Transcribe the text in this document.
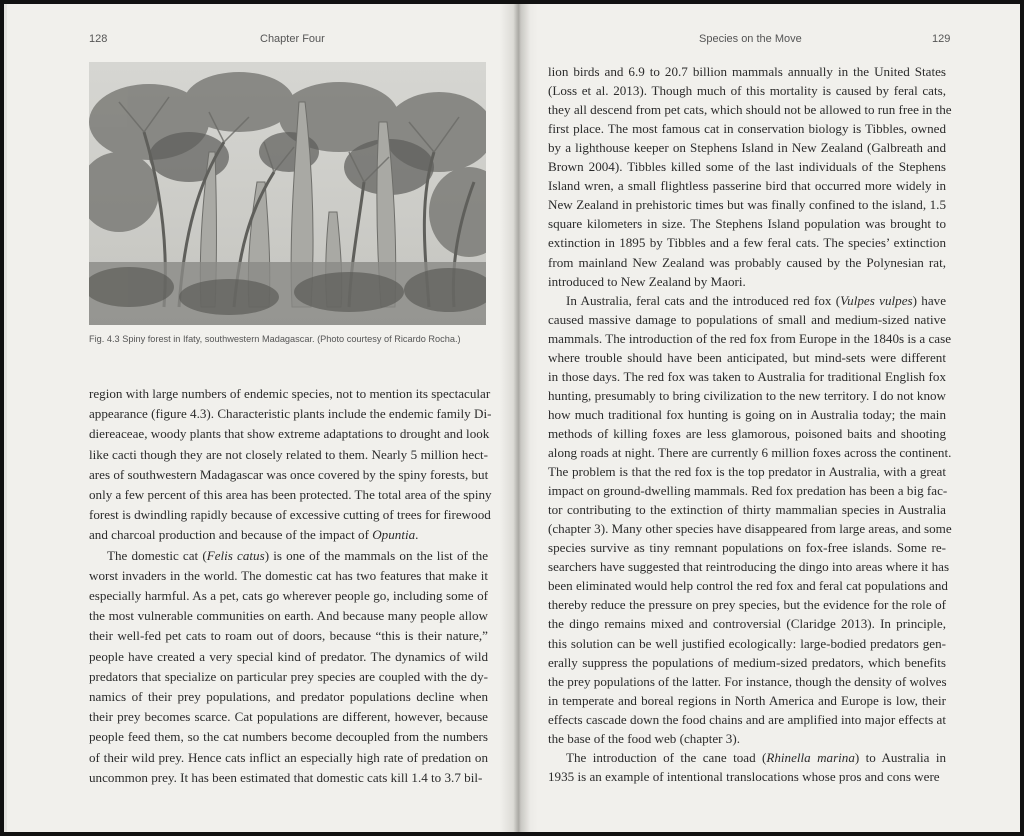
128	Chapter Four
Fig. 4.3 Spiny forest in Ifaty, southwestern Madagascar. (Photo courtesy of Ricardo Rocha.)
region with large numbers of endemic species, not to mention its spectacular
appearance (figure 4.3). Characteristic plants include the endemic family Di-
diereaceae, woody plants that show extreme adaptations to drought and look
like cacti though they are not closely related to them. Nearly 5 million hect-
ares of southwestern Madagascar was once covered by the spiny forests, but
only a few percent of this area has been protected. The total area of the spiny
forest is dwindling rapidly because of excessive cutting of trees for firewood
and charcoal production and because of the impact of Opuntia.
The domestic cat (Felis catus) is one of the mammals on the list of the
worst invaders in the world. The domestic cat has two features that make it
especially harmful. As a pet, cats go wherever people go, including some of
the most vulnerable communities on earth. And because many people allow
their well-fed pet cats to roam out of doors, because “this is their nature,”
people have created a very special kind of predator. The dynamics of wild
predators that specialize on particular prey species are coupled with the dy-
namics of their prey populations, and predator populations decline when
their prey becomes scarce. Cat populations are different, however, because
people feed them, so the cat numbers become decoupled from the numbers
of their wild prey. Hence cats inflict an especially high rate of predation on
uncommon prey. It has been estimated that domestic cats kill 1.4 to 3.7 bil-
Species on the Move	129
lion birds and 6.9 to 20.7 billion mammals annually in the United States
(Loss et al. 2013). Though much of this mortality is caused by feral cats,
they all descend from pet cats, which should not be allowed to run free in the
first place. The most famous cat in conservation biology is Tibbles, owned
by a lighthouse keeper on Stephens Island in New Zealand (Galbreath and
Brown 2004). Tibbles killed some of the last individuals of the Stephens
Island wren, a small flightless passerine bird that occurred more widely in
New Zealand in prehistoric times but was finally confined to the island, 1.5
square kilometers in size. The Stephens Island population was brought to
extinction in 1895 by Tibbles and a few feral cats. The species’ extinction
from mainland New Zealand was probably caused by the Polynesian rat,
introduced to New Zealand by Maori.
In Australia, feral cats and the introduced red fox (Vulpes vulpes) have
caused massive damage to populations of small and medium-sized native
mammals. The introduction of the red fox from Europe in the 1840s is a case
where trouble should have been anticipated, but mind-sets were different
in those days. The red fox was taken to Australia for traditional English fox
hunting, presumably to bring civilization to the new territory. I do not know
how much traditional fox hunting is going on in Australia today; the main
methods of killing foxes are less glamorous, poisoned baits and shooting
along roads at night. There are currently 6 million foxes across the continent.
The problem is that the red fox is the top predator in Australia, with a great
impact on ground-dwelling mammals. Red fox predation has been a big fac-
tor contributing to the extinction of thirty mammalian species in Australia
(chapter 3). Many other species have disappeared from large areas, and some
species survive as tiny remnant populations on fox-free islands. Some re-
searchers have suggested that reintroducing the dingo into areas where it has
been eliminated would help control the red fox and feral cat populations and
thereby reduce the pressure on prey species, but the evidence for the role of
the dingo remains mixed and controversial (Claridge 2013). In principle,
this solution can be well justified ecologically: large-bodied predators gen-
erally suppress the populations of medium-sized predators, which benefits
the prey populations of the latter. For instance, though the density of wolves
in temperate and boreal regions in North America and Europe is low, their
effects cascade down the food chains and are amplified into major effects at
the base of the food web (chapter 3).
The introduction of the cane toad (Rhinella marina) to Australia in
1935 is an example of intentional translocations whose pros and cons were
